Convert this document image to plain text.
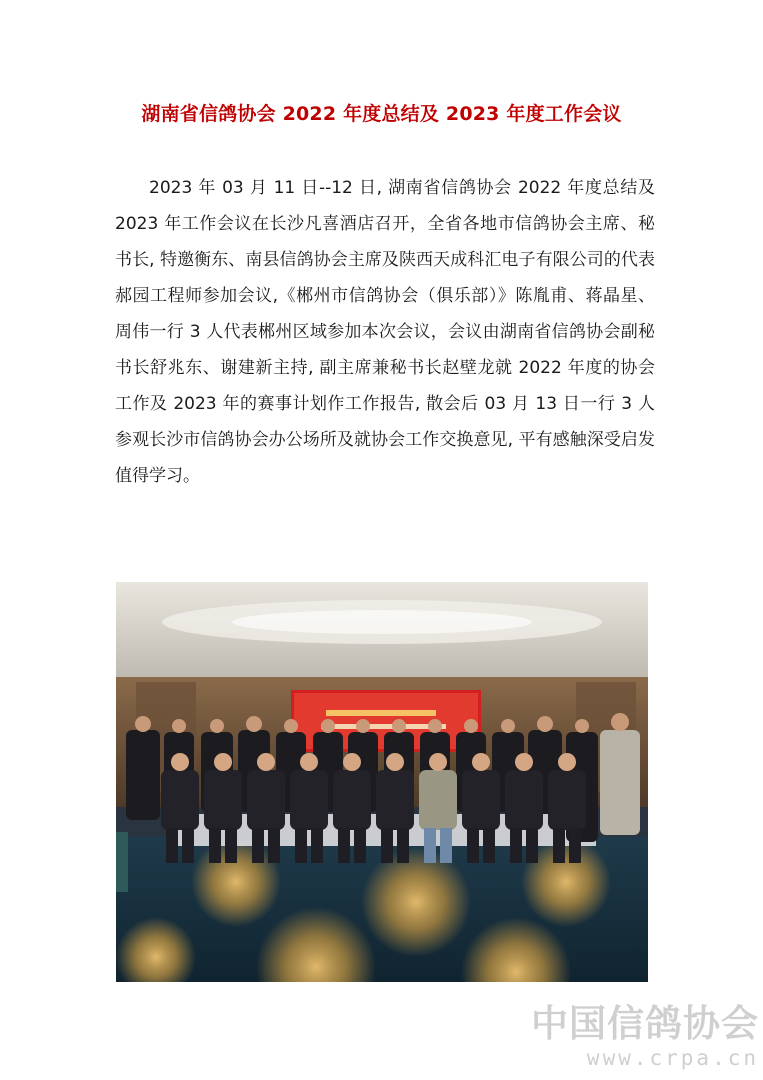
湖南省信鸽协会 2022 年度总结及 2023 年度工作会议
2023 年 03 月 11 日--12 日, 湖南省信鸽协会 2022 年度总结及 2023 年工作会议在长沙凡喜酒店召开，全省各地市信鸽协会主席、秘书长, 特邀衡东、南县信鸽协会主席及陕西天成科汇电子有限公司的代表郝园工程师参加会议,《郴州市信鸽协会（俱乐部）》陈胤甫、蒋晶星、周伟一行 3 人代表郴州区域参加本次会议，会议由湖南省信鸽协会副秘书长舒兆东、谢建新主持, 副主席兼秘书长赵壁龙就 2022 年度的协会工作及 2023 年的赛事计划作工作报告, 散会后 03 月 13 日一行 3 人参观长沙市信鸽协会办公场所及就协会工作交换意见, 平有感触深受启发值得学习。
中国信鸽协会
www.crpa.cn
